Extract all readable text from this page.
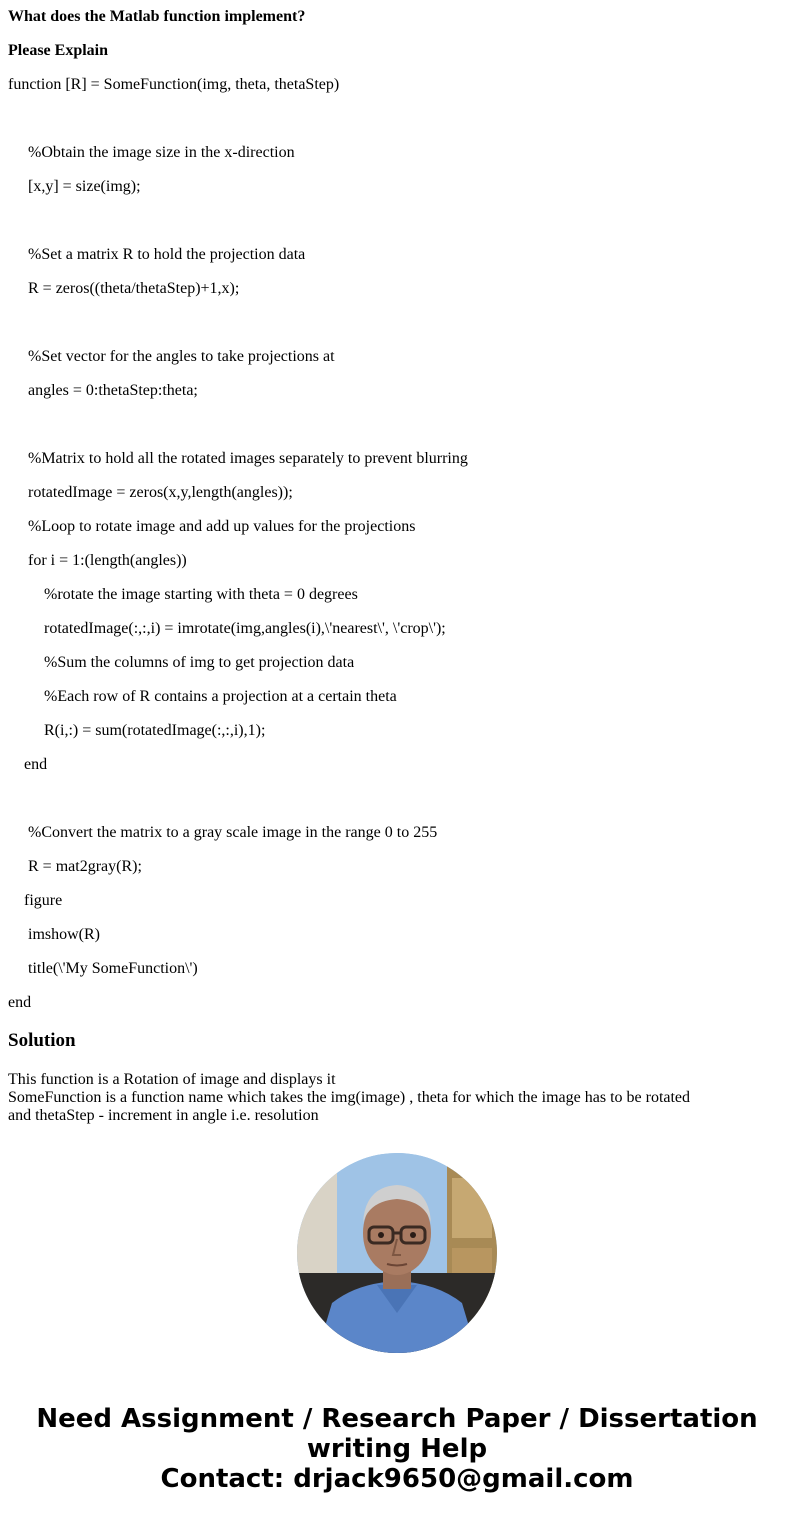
What does the Matlab function implement?
Please Explain
function [R] = SomeFunction(img, theta, thetaStep)
%Obtain the image size in the x-direction
[x,y] = size(img);
%Set a matrix R to hold the projection data
R = zeros((theta/thetaStep)+1,x);
%Set vector for the angles to take projections at
angles = 0:thetaStep:theta;
%Matrix to hold all the rotated images separately to prevent blurring
rotatedImage = zeros(x,y,length(angles));
%Loop to rotate image and add up values for the projections
for i = 1:(length(angles))
%rotate the image starting with theta = 0 degrees
rotatedImage(:,:,i) = imrotate(img,angles(i),\'nearest\', \'crop\');
%Sum the columns of img to get projection data
%Each row of R contains a projection at a certain theta
R(i,:) = sum(rotatedImage(:,:,i),1);
end
%Convert the matrix to a gray scale image in the range 0 to 255
R = mat2gray(R);
figure
imshow(R)
title(\'My SomeFunction\')
end
Solution
This function is a Rotation of image and displays it
SomeFunction is a function name which takes the img(image) , theta for which the image has to be rotated
and thetaStep - increment in angle i.e. resolution
Need Assignment / Research Paper / Dissertation
writing Help
Contact: drjack9650@gmail.com
